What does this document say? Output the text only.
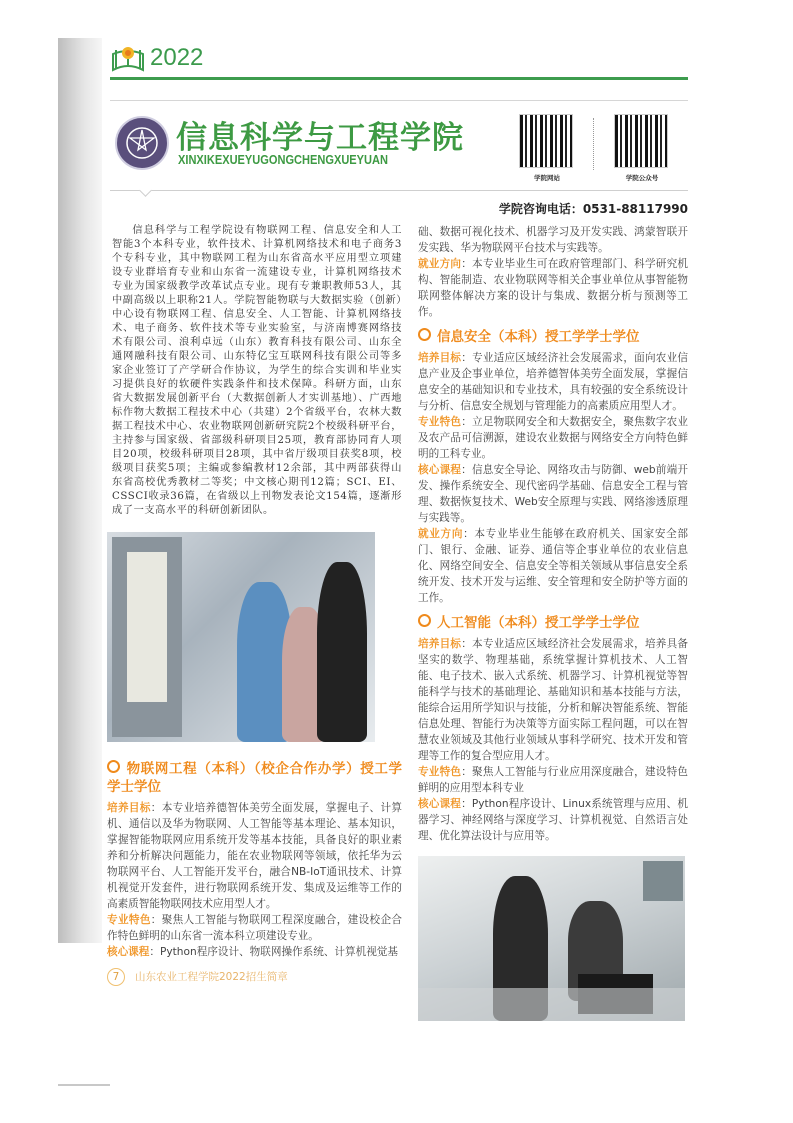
2022
信息科学与工程学院
XINXIKEXUEYUGONGCHENGXUEYUAN
学院网站	学院公众号
学院咨询电话：0531-88117990

信息科学与工程学院设有物联网工程、信息安全和人工智能3个本科专业，软件技术、计算机网络技术和电子商务3个专科专业，其中物联网工程为山东省高水平应用型立项建设专业群培育专业和山东省一流建设专业，计算机网络技术专业为国家级教学改革试点专业。现有专兼职教师53人，其中副高级以上职称21人。学院智能物联与大数据实验（创新）中心设有物联网工程、信息安全、人工智能、计算机网络技术、电子商务、软件技术等专业实验室，与济南博赛网络技术有限公司、浪利卓远（山东）教育科技有限公司、山东全通网融科技有限公司、山东特亿宝互联网科技有限公司等多家企业签订了产学研合作协议，为学生的综合实训和毕业实习提供良好的软硬件实践条件和技术保障。科研方面，山东省大数据发展创新平台（大数据创新人才实训基地）、广西地标作物大数据工程技术中心（共建）2个省级平台，农林大数据工程技术中心、农业物联网创新研究院2个校级科研平台，主持参与国家级、省部级科研项目25项，教育部协同育人项目20项，校级科研项目28项，其中省厅级项目获奖8项，校级项目获奖5项；主编或参编教材12余部，其中两部获得山东省高校优秀教材二等奖；中文核心期刊12篇；SCI、EI、CSSCI收录36篇，在省级以上刊物发表论文154篇，逐渐形成了一支高水平的科研创新团队。

物联网工程（本科）（校企合作办学）授工学学士学位

培养目标：本专业培养德智体美劳全面发展，掌握电子、计算机、通信以及华为物联网、人工智能等基本理论、基本知识，掌握智能物联网应用系统开发等基本技能，具备良好的职业素养和分析解决问题能力，能在农业物联网等领域，依托华为云物联网平台、人工智能开发平台，融合NB-IoT通讯技术、计算机视觉开发套件，进行物联网系统开发、集成及运维等工作的高素质智能物联网技术应用型人才。

专业特色：聚焦人工智能与物联网工程深度融合，建设校企合作特色鲜明的山东省一流本科立项建设专业。

核心课程：Python程序设计、物联网操作系统、计算机视觉基

7 山东农业工程学院2022招生简章

础、数据可视化技术、机器学习及开发实践、鸿蒙智联开发实践、华为物联网平台技术与实践等。

就业方向：本专业毕业生可在政府管理部门、科学研究机构、智能制造、农业物联网等相关企事业单位从事智能物联网整体解决方案的设计与集成、数据分析与预测等工作。

信息安全（本科）授工学学士学位

培养目标：专业适应区域经济社会发展需求，面向农业信息产业及企事业单位，培养德智体美劳全面发展，掌握信息安全的基础知识和专业技术，具有较强的安全系统设计与分析、信息安全规划与管理能力的高素质应用型人才。

专业特色：立足物联网安全和大数据安全，聚焦数字农业及农产品可信溯源，建设农业数据与网络安全方向特色鲜明的工科专业。

核心课程：信息安全导论、网络攻击与防御、web前端开发、操作系统安全、现代密码学基础、信息安全工程与管理、数据恢复技术、Web安全原理与实践、网络渗透原理与实践等。

就业方向：本专业毕业生能够在政府机关、国家安全部门、银行、金融、证券、通信等企事业单位的农业信息化、网络空间安全、信息安全等相关领域从事信息安全系统开发、技术开发与运维、安全管理和安全防护等方面的工作。

人工智能（本科）授工学学士学位

培养目标：本专业适应区域经济社会发展需求，培养具备坚实的数学、物理基础，系统掌握计算机技术、人工智能、电子技术、嵌入式系统、机器学习、计算机视觉等智能科学与技术的基础理论、基础知识和基本技能与方法，能综合运用所学知识与技能，分析和解决智能系统、智能信息处理、智能行为决策等方面实际工程问题，可以在智慧农业领域及其他行业领域从事科学研究、技术开发和管理等工作的复合型应用人才。

专业特色：聚焦人工智能与行业应用深度融合，建设特色鲜明的应用型本科专业

核心课程：Python程序设计、Linux系统管理与应用、机器学习、神经网络与深度学习、计算机视觉、自然语言处理、优化算法设计与应用等。
